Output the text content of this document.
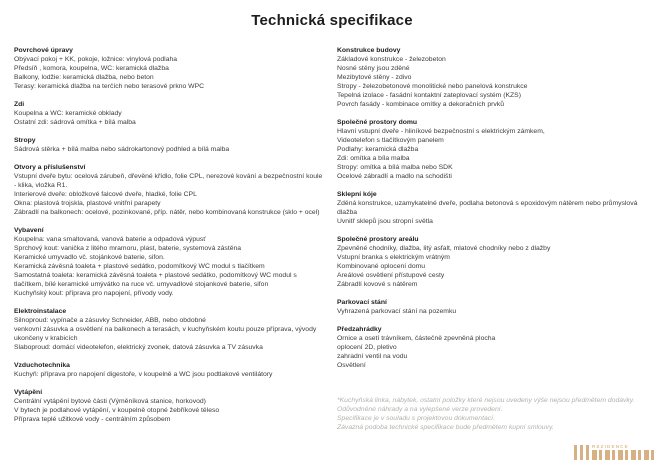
Technická specifikace
Povrchové úpravy
Obývací pokoj + KK, pokoje, ložnice: vinylová podlaha
Předsíň , komora, koupelna, WC: keramická dlažba
Balkony, lodžie: keramická dlažba, nebo beton
Terasy: keramická dlažba na terčích nebo terasové prkno WPC
Zdi
Koupelna a WC: keramické obklady
Ostatní zdi: sádrová omítka + bílá malba
Stropy
Sádrová stěrka + bílá malba nebo sádrokartonový podhled a bílá malba
Otvory a příslušenství
Vstupní dveře bytu: ocelová zárubeň, dřevěné křídlo, folie CPL, nerezové kování a bezpečnostní koule - klika, vložka R1.
Interierové dveře: obložkové falcové dveře, hladké, folie CPL
Okna: plastová trojskla, plastové vnitřní parapety
Zábradlí na balkonech: ocelové, pozinkované, příp. nátěr, nebo kombinovaná konstrukce (sklo + ocel)
Vybavení
Koupelna: vana smaltovaná, vanová baterie a odpadová výpusť
Sprchový kout: vanička z litého mramoru, plast, baterie, systemová zástěna
Keramické umyvadlo vč. stojánkové baterie, sifon.
Keramická závěsná toaleta + plastové sedátko, podomítkový WC modul s tlačítkem
Samostatná toaleta: keramická závěsná toaleta + plastové sedátko, podomítkový WC modul s tlačítkem, bílé keramické umývátko na ruce vč. umyvadlové stojankové baterie, sifon
Kuchyňský kout: příprava pro napojení, přívody vody.
Elektroinstalace
Silnoproud: vypínače a zásuvky Schneider, ABB, nebo obdobné
venkovní zásuvka a osvětlení na balkonech a terasách, v kuchyňském koutu pouze příprava, vývody ukončeny v krabicích
Slaboproud: domácí videotelefon, elektrický zvonek, datová zásuvka a TV zásuvka
Vzduchotechnika
Kuchyň: příprava pro napojení digestoře, v koupelně a WC jsou podtlakové ventilátory
Vytápění
Centrální vytápění bytové části (Výměníková stanice, horkovod)
V bytech je podlahové vytápění, v koupelně otopné žebříkové těleso
Příprava teplé užitkové vody - centrálním způsobem
Konstrukce budovy
Základové konstrukce - železobeton
Nosné stěny jsou zděné
Mezibytové stěny - zdivo
Stropy - železobetonové monolitické nebo panelová konstrukce
Tepelná izolace - fasádní kontaktní zateplovací systém (KZS)
Povrch fasády - kombinace omítky a dekoračních prvků
Společné prostory domu
Hlavní vstupní dveře - hliníkové bezpečnostní s elektrickým zámkem,
Videotelefon s tlačítkovým panelem
Podlahy: keramická dlažba
Zdi: omítka a bíla malba
Stropy: omítka a bílá malba nebo SDK
Ocelové zábradlí a madlo na schodišti
Sklepní kóje
Zděná konstrukce, uzamykatelné dveře, podlaha betonová s epoxidovým nátěrem nebo průmyslová dlažba
Uvnitř sklepů jsou stropní světla
Společné prostory areálu
Zpevněné chodníky, dlažba, litý asfalt, mlatové chodníky nebo z dlažby
Vstupní branka s elektrickým vrátným
Kombinované oplocení domu
Areálové osvětlení přístupové cesty
Zábradlí kovové s nátěrem
Parkovací stání
Vyhrazená parkovací stání na pozemku
Předzahrádky
Ornice a osetí trávníkem, částečně zpevněná plocha
oplocení 2D, pletivo
zahradní ventil na vodu
Osvětlení
*Kuchyňská linka, nábytek, ostatní položky které nejsou uvedeny výše nejsou předmětem dodávky.
Odůvodněné náhrady a na vylepšené verze provedení.
Specifikace je v souladu s projektovou dokumentací.
Závazná podoba technické specifikace bude předmětem kupní smlouvy.
REZIDENCE
